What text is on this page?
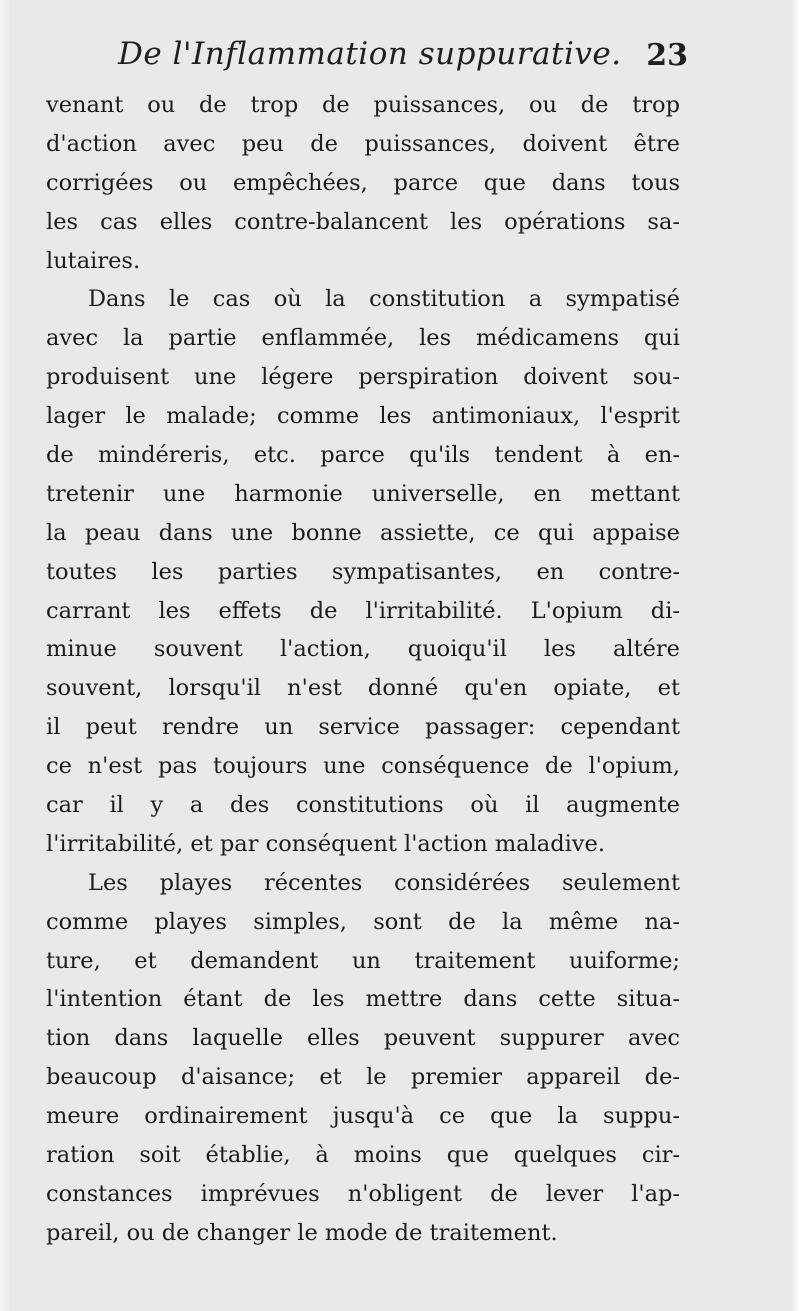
De l'Inflammation suppurative. 23
venant ou de trop de puissances, ou de trop
d'action avec peu de puissances, doivent être
corrigées ou empêchées, parce que dans tous
les cas elles contre-balancent les opérations sa-
lutaires.
Dans le cas où la constitution a sympatisé
avec la partie enflammée, les médicamens qui
produisent une légere perspiration doivent sou-
lager le malade; comme les antimoniaux, l'esprit
de mindéreris, etc. parce qu'ils tendent à en-
tretenir une harmonie universelle, en mettant
la peau dans une bonne assiette, ce qui appaise
toutes les parties sympatisantes, en contre-
carrant les effets de l'irritabilité. L'opium di-
minue souvent l'action, quoiqu'il les altére
souvent, lorsqu'il n'est donné qu'en opiate, et
il peut rendre un service passager: cependant
ce n'est pas toujours une conséquence de l'opium,
car il y a des constitutions où il augmente
l'irritabilité, et par conséquent l'action maladive.
Les playes récentes considérées seulement
comme playes simples, sont de la même na-
ture, et demandent un traitement uuiforme;
l'intention étant de les mettre dans cette situa-
tion dans laquelle elles peuvent suppurer avec
beaucoup d'aisance; et le premier appareil de-
meure ordinairement jusqu'à ce que la suppu-
ration soit établie, à moins que quelques cir-
constances imprévues n'obligent de lever l'ap-
pareil, ou de changer le mode de traitement.
